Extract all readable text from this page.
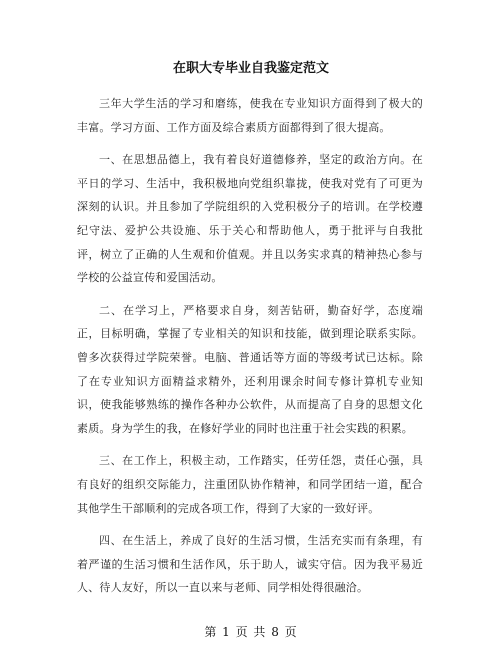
在职大专毕业自我鉴定范文

三年大学生活的学习和磨练，使我在专业知识方面得到了极大的丰富。学习方面、工作方面及综合素质方面都得到了很大提高。

一、在思想品德上，我有着良好道德修养，坚定的政治方向。在平日的学习、生活中，我积极地向党组织靠拢，使我对党有了可更为深刻的认识。并且参加了学院组织的入党积极分子的培训。在学校遵纪守法、爱护公共设施、乐于关心和帮助他人，勇于批评与自我批评，树立了正确的人生观和价值观。并且以务实求真的精神热心参与学校的公益宣传和爱国活动。

二、在学习上，严格要求自身，刻苦钻研，勤奋好学，态度端正，目标明确，掌握了专业相关的知识和技能，做到理论联系实际。曾多次获得过学院荣誉。电脑、普通话等方面的等级考试已达标。除了在专业知识方面精益求精外，还利用课余时间专修计算机专业知识，使我能够熟练的操作各种办公软件，从而提高了自身的思想文化素质。身为学生的我，在修好学业的同时也注重于社会实践的积累。

三、在工作上，积极主动，工作踏实，任劳任怨，责任心强，具有良好的组织交际能力，注重团队协作精神，和同学团结一道，配合其他学生干部顺利的完成各项工作，得到了大家的一致好评。

四、在生活上，养成了良好的生活习惯，生活充实而有条理，有着严谨的生活习惯和生活作风，乐于助人，诚实守信。因为我平易近人、待人友好，所以一直以来与老师、同学相处得很融洽。

第 1 页 共 8 页
